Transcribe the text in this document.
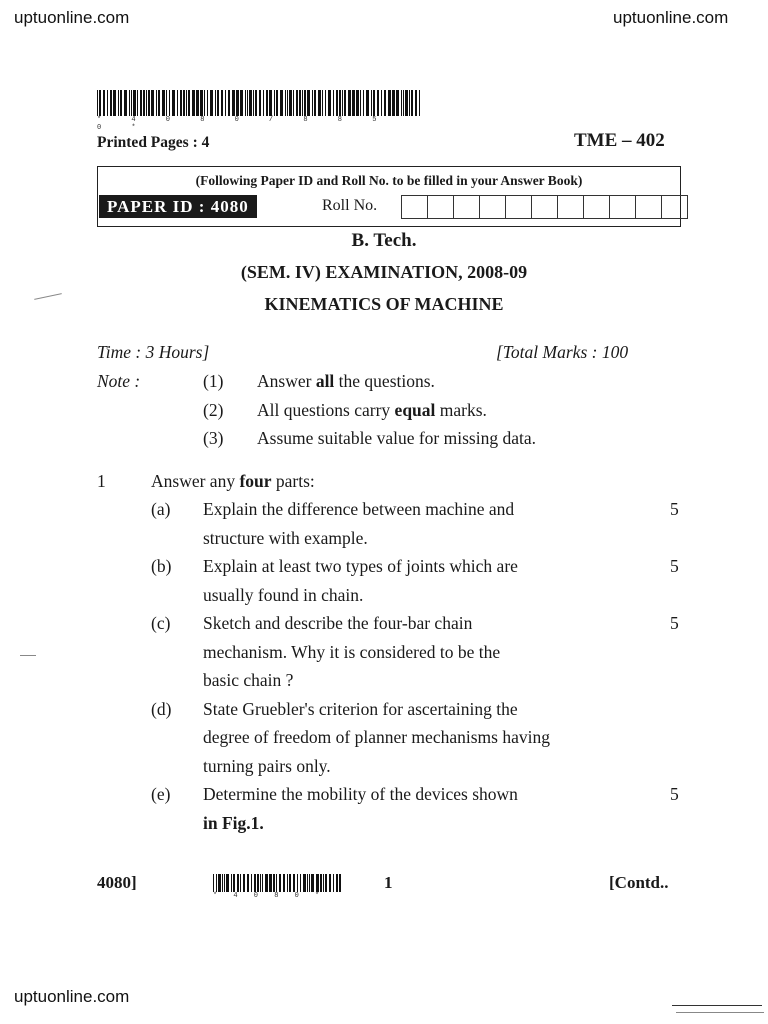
uptuonline.com	uptuonline.com
uptuonline.com
* 4 0 8 0 / 8 8 5 0 *
Printed Pages : 4	TME – 402
(Following Paper ID and Roll No. to be filled in your Answer Book)
PAPER ID : 4080	Roll No.
B. Tech.
(SEM. IV) EXAMINATION, 2008-09
KINEMATICS OF MACHINE
Time : 3 Hours]	[Total Marks : 100
Note :	(1)	Answer all the questions.
(2)	All questions carry equal marks.
(3)	Assume suitable value for missing data.
1	Answer any four parts:
(a) Explain the difference between machine and
structure with example.
5
(b) Explain at least two types of joints which are
usually found in chain.
5
(c) Sketch and describe the four-bar chain
mechanism. Why it is considered to be the
basic chain ?
5
(d) State Gruebler's criterion for ascertaining the
degree of freedom of planner mechanisms having
turning pairs only.
(e) Determine the mobility of the devices shown
in Fig.1.
5
4080]
* 4 0 8 0 *
1	[Contd..
